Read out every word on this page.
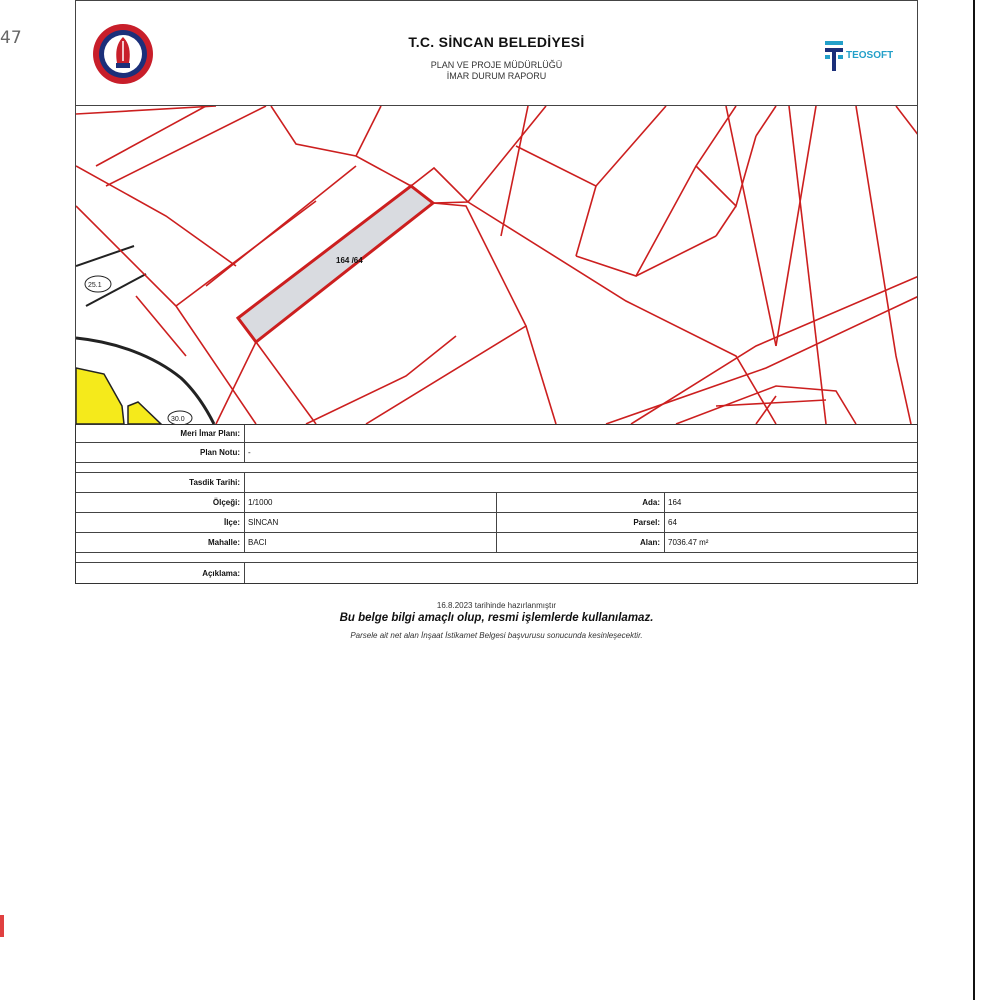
47	T.C. SİNCAN BELEDİYESİ
PLAN VE PROJE MÜDÜRLÜĞÜ
İMAR DURUM RAPORU
TEOSOFT
164 /64
25.1
30.0
Meri İmar Planı:
Plan Notu:	-
Tasdik Tarihi:
Ölçeği:	1/1000	Ada:	164
İlçe:	SİNCAN	Parsel:	64
Mahalle:	BACI	Alan:	7036.47 m²
Açıklama:
16.8.2023 tarihinde hazırlanmıştır
Bu belge bilgi amaçlı olup, resmi işlemlerde kullanılamaz.
Parsele ait net alan İnşaat İstikamet Belgesi başvurusu sonucunda kesinleşecektir.
